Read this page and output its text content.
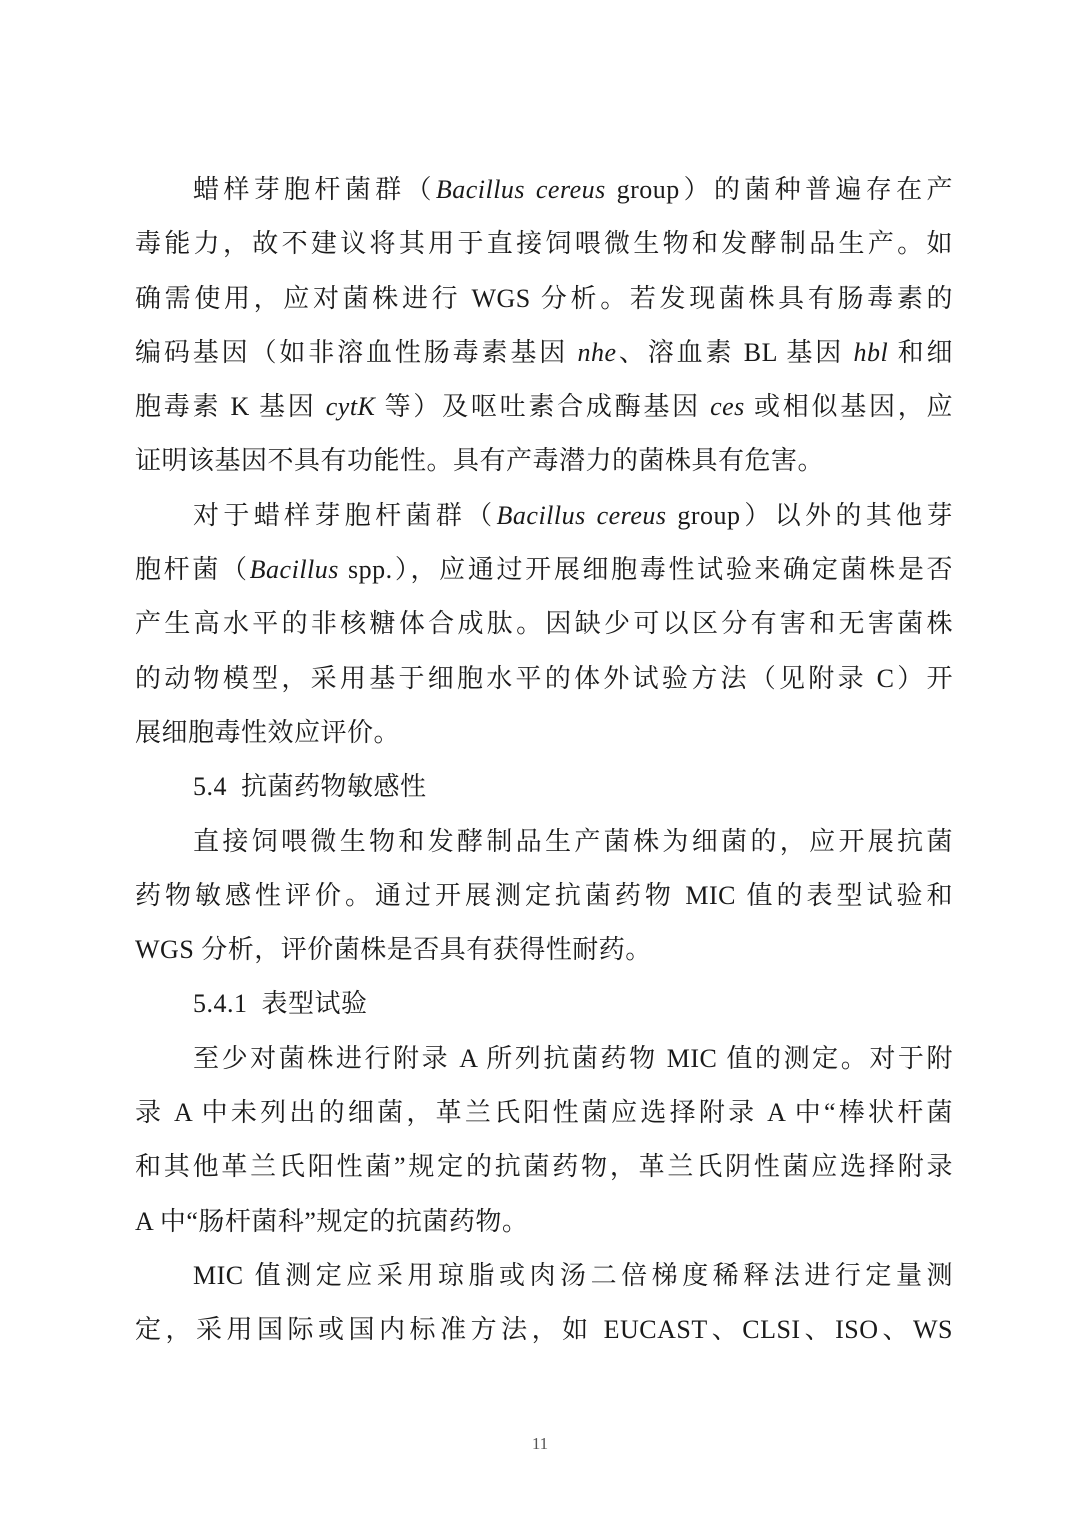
蜡样芽胞杆菌群（Bacillus cereus group）的菌种普遍存在产
毒能力，故不建议将其用于直接饲喂微生物和发酵制品生产。如
确需使用，应对菌株进行 WGS 分析。若发现菌株具有肠毒素的
编码基因（如非溶血性肠毒素基因 nhe、溶血素 BL 基因 hbl 和细
胞毒素 K 基因 cytK 等）及呕吐素合成酶基因 ces 或相似基因，应
证明该基因不具有功能性。具有产毒潜力的菌株具有危害。
对于蜡样芽胞杆菌群（Bacillus cereus group）以外的其他芽
胞杆菌（Bacillus spp.），应通过开展细胞毒性试验来确定菌株是否
产生高水平的非核糖体合成肽。因缺少可以区分有害和无害菌株
的动物模型，采用基于细胞水平的体外试验方法（见附录 C）开
展细胞毒性效应评价。
5.4 抗菌药物敏感性
直接饲喂微生物和发酵制品生产菌株为细菌的，应开展抗菌
药物敏感性评价。通过开展测定抗菌药物 MIC 值的表型试验和
WGS 分析，评价菌株是否具有获得性耐药。
5.4.1 表型试验
至少对菌株进行附录 A 所列抗菌药物 MIC 值的测定。对于附
录 A 中未列出的细菌，革兰氏阳性菌应选择附录 A 中“棒状杆菌
和其他革兰氏阳性菌”规定的抗菌药物，革兰氏阴性菌应选择附录
A 中“肠杆菌科”规定的抗菌药物。
MIC 值测定应采用琼脂或肉汤二倍梯度稀释法进行定量测
定，采用国际或国内标准方法，如 EUCAST、CLSI、ISO、WS
11
